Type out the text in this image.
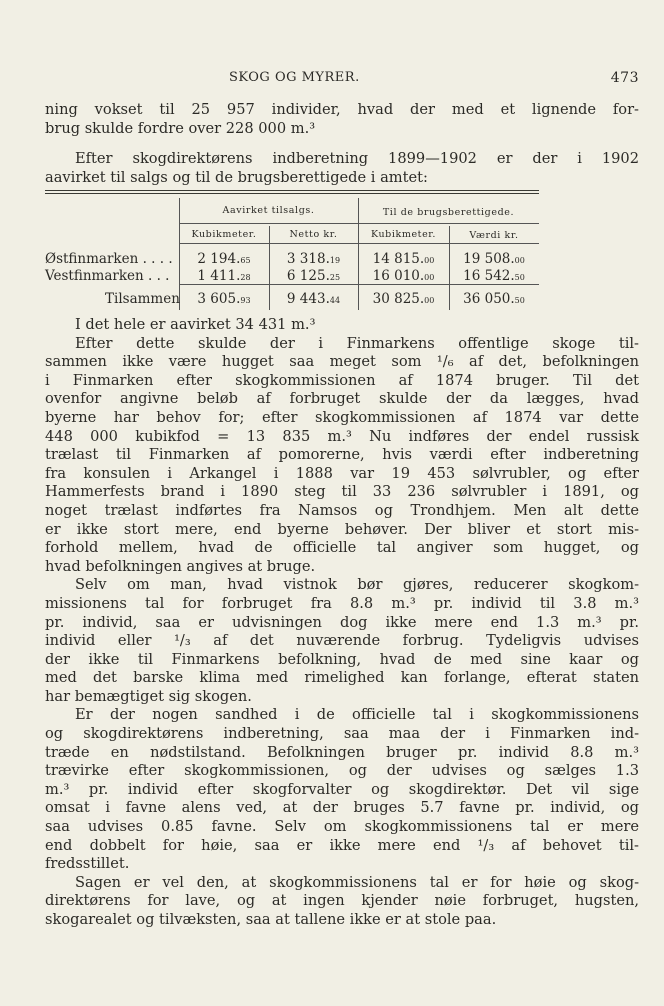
SKOG OG MYRER.	473
ning vokset til 25 957 individer, hvad der med et lignende for-
brug skulde fordre over 228 000 m.³
Efter skogdirektørens indberetning 1899—1902 er der i 1902
aavirket til salgs og til de brugsberettigede i amtet:
Aavirket tilsalgs.	Til de brugsberettigede.
Kubikmeter.	Netto kr.	Kubikmeter.	Værdi kr.
Østfinmarken . . . .	2 194.65	3 318.19	14 815.00	19 508.00
Vestfinmarken . . .	1 411.28	6 125.25	16 010.00	16 542.50
Tilsammen	3 605.93	9 443.44	30 825.00	36 050.50
I det hele er aavirket 34 431 m.³
Efter dette skulde der i Finmarkens offentlige skoge til-
sammen ikke være hugget saa meget som ¹/₆ af det, befolkningen
i Finmarken efter skogkommissionen af 1874 bruger. Til det
ovenfor angivne beløb af forbruget skulde der da lægges, hvad
byerne har behov for; efter skogkommissionen af 1874 var dette
448 000 kubikfod = 13 835 m.³ Nu indføres der endel russisk
trælast til Finmarken af pomorerne, hvis værdi efter indberetning
fra konsulen i Arkangel i 1888 var 19 453 sølvrubler, og efter
Hammerfests brand i 1890 steg til 33 236 sølvrubler i 1891, og
noget trælast indførtes fra Namsos og Trondhjem. Men alt dette
er ikke stort mere, end byerne behøver. Der bliver et stort mis-
forhold mellem, hvad de officielle tal angiver som hugget, og
hvad befolkningen angives at bruge.
Selv om man, hvad vistnok bør gjøres, reducerer skogkom-
missionens tal for forbruget fra 8.8 m.³ pr. individ til 3.8 m.³
pr. individ, saa er udvisningen dog ikke mere end 1.3 m.³ pr.
individ eller ¹/₃ af det nuværende forbrug. Tydeligvis udvises
der ikke til Finmarkens befolkning, hvad de med sine kaar og
med det barske klima med rimelighed kan forlange, efterat staten
har bemægtiget sig skogen.
Er der nogen sandhed i de officielle tal i skogkommissionens
og skogdirektørens indberetning, saa maa der i Finmarken ind-
træde en nødstilstand. Befolkningen bruger pr. individ 8.8 m.³
trævirke efter skogkommissionen, og der udvises og sælges 1.3
m.³ pr. individ efter skogforvalter og skogdirektør. Det vil sige
omsat i favne alens ved, at der bruges 5.7 favne pr. individ, og
saa udvises 0.85 favne. Selv om skogkommissionens tal er mere
end dobbelt for høie, saa er ikke mere end ¹/₃ af behovet til-
fredsstillet.
Sagen er vel den, at skogkommissionens tal er for høie og skog-
direktørens for lave, og at ingen kjender nøie forbruget, hugsten,
skogarealet og tilvæksten, saa at tallene ikke er at stole paa.
